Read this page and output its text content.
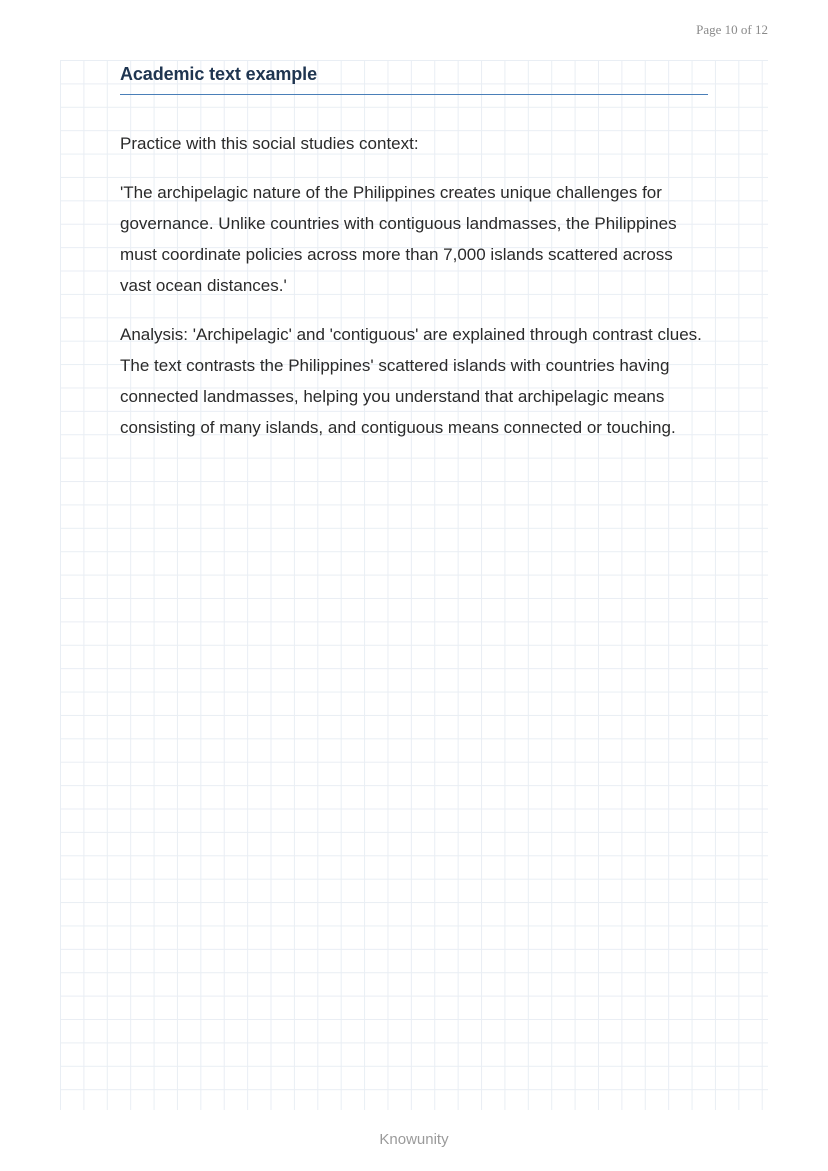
Page 10 of 12
Academic text example

Practice with this social studies context:

'The archipelagic nature of the Philippines creates unique challenges for governance. Unlike countries with contiguous landmasses, the Philippines must coordinate policies across more than 7,000 islands scattered across vast ocean distances.'

Analysis: 'Archipelagic' and 'contiguous' are explained through contrast clues. The text contrasts the Philippines' scattered islands with countries having connected landmasses, helping you understand that archipelagic means consisting of many islands, and contiguous means connected or touching.

Knowunity
